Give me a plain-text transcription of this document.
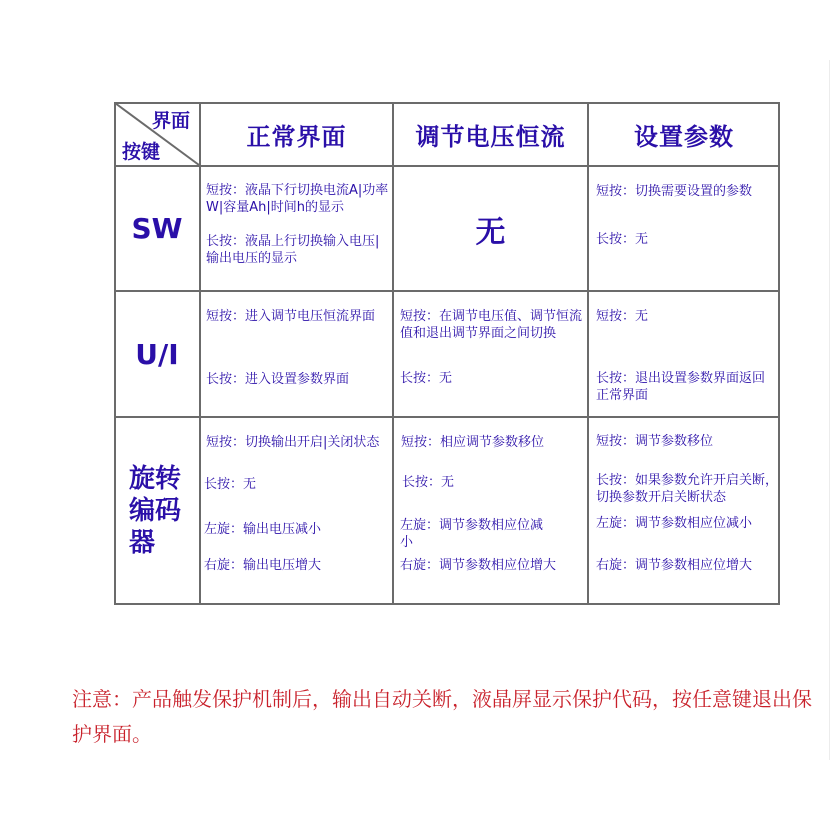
界面
按键
正常界面	调节电压恒流	设置参数
SW
短按：液晶下行切换电流A|功率W|容量Ah|时间h的显示
长按：液晶上行切换输入电压|输出电压的显示
无
短按：切换需要设置的参数
长按：无
U/I
短按：进入调节电压恒流界面
长按：进入设置参数界面
短按：在调节电压值、调节恒流值和退出调节界面之间切换
长按：无
短按：无
长按：退出设置参数界面返回正常界面
旋转编码器
短按：切换输出开启|关闭状态
长按：无
左旋：输出电压减小
右旋：输出电压增大
短按：相应调节参数移位
长按：无
左旋：调节参数相应位减小
右旋：调节参数相应位增大
短按：调节参数移位
长按：如果参数允许开启关断，切换参数开启关断状态
左旋：调节参数相应位减小
右旋：调节参数相应位增大
注意：产品触发保护机制后，输出自动关断，液晶屏显示保护代码，按任意键退出保护界面。
